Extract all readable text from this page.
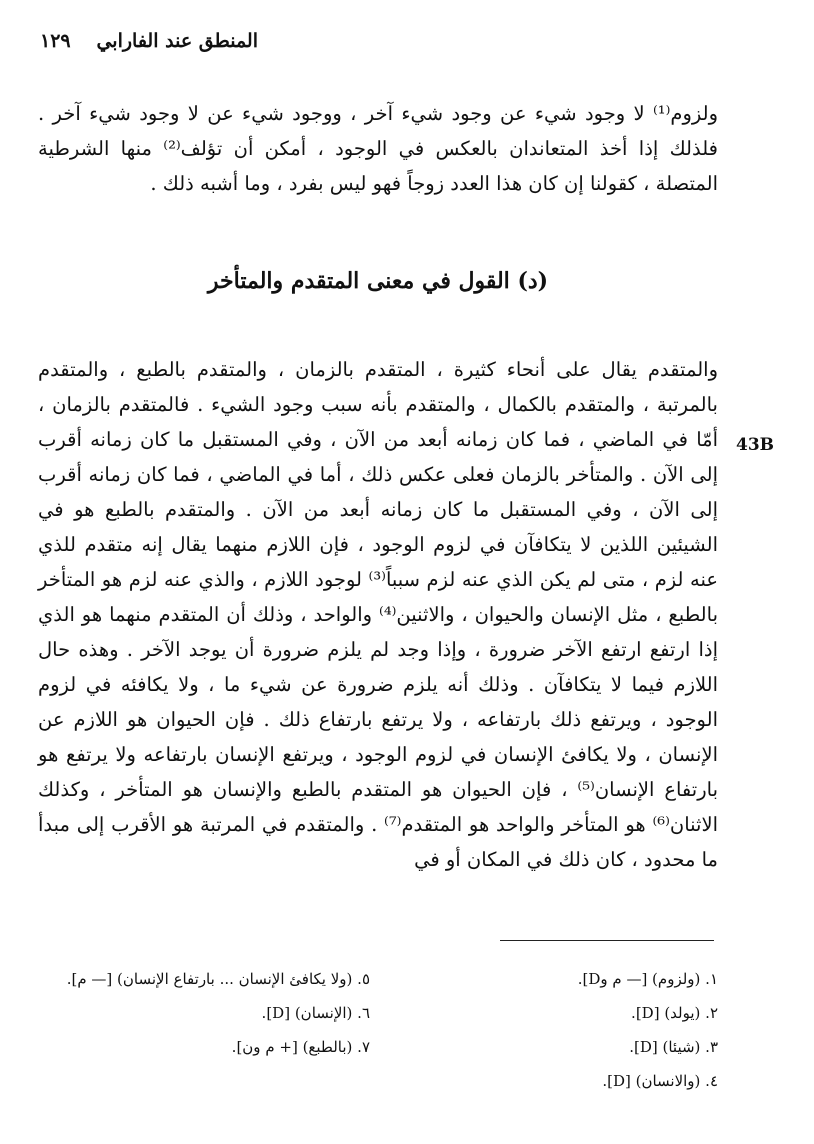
المنطق عند الفارابي
١٢٩

ولزوم⁽¹⁾ لا وجود شيء عن وجود شيء آخر ، ووجود شيء عن لا وجود شيء آخر . فلذلك إذا أخذ المتعاندان بالعكس في الوجود ، أمكن أن تؤلف⁽²⁾ منها الشرطية المتصلة ، كقولنا إن كان هذا العدد زوجاً فهو ليس بفرد ، وما أشبه ذلك .

(د) القول في معنى المتقدم والمتأخر

والمتقدم يقال على أنحاء كثيرة ، المتقدم بالزمان ، والمتقدم بالطبع ، والمتقدم بالمرتبة ، والمتقدم بالكمال ، والمتقدم بأنه سبب وجود الشيء . فالمتقدم بالزمان ، أمّا في الماضي ، فما كان زمانه أبعد من الآن ، وفي المستقبل ما كان زمانه أقرب إلى الآن . والمتأخر بالزمان فعلى عكس ذلك ، أما في الماضي ، فما كان زمانه أقرب إلى الآن ، وفي المستقبل ما كان زمانه أبعد من الآن . والمتقدم بالطبع هو في الشيئين اللذين لا يتكافآن في لزوم الوجود ، فإن اللازم منهما يقال إنه متقدم للذي عنه لزم ، متى لم يكن الذي عنه لزم سبباً⁽³⁾ لوجود اللازم ، والذي عنه لزم هو المتأخر بالطبع ، مثل الإنسان والحيوان ، والاثنين⁽⁴⁾ والواحد ، وذلك أن المتقدم منهما هو الذي إذا ارتفع ارتفع الآخر ضرورة ، وإذا وجد لم يلزم ضرورة أن يوجد الآخر . وهذه حال اللازم فيما لا يتكافآن . وذلك أنه يلزم ضرورة عن شيء ما ، ولا يكافئه في لزوم الوجود ، ويرتفع ذلك بارتفاعه ، ولا يرتفع بارتفاع ذلك . فإن الحيوان هو اللازم عن الإنسان ، ولا يكافئ الإنسان في لزوم الوجود ، ويرتفع الإنسان بارتفاعه ولا يرتفع هو بارتفاع الإنسان⁽⁵⁾ ، فإن الحيوان هو المتقدم بالطبع والإنسان هو المتأخر ، وكذلك الاثنان⁽⁶⁾ هو المتأخر والواحد هو المتقدم⁽⁷⁾ . والمتقدم في المرتبة هو الأقرب إلى مبدأ ما محدود ، كان ذلك في المكان أو في

43B

١. (ولزوم) [— م وD].

٢. (يولد) [D].

٣. (شيئا) [D].

٤. (والانسان) [D].

٥. (ولا يكافئ الإنسان ... بارتفاع الإنسان) [— م].

٦. (الإنسان) [D].

٧. (بالطبع) [+ م ون].
